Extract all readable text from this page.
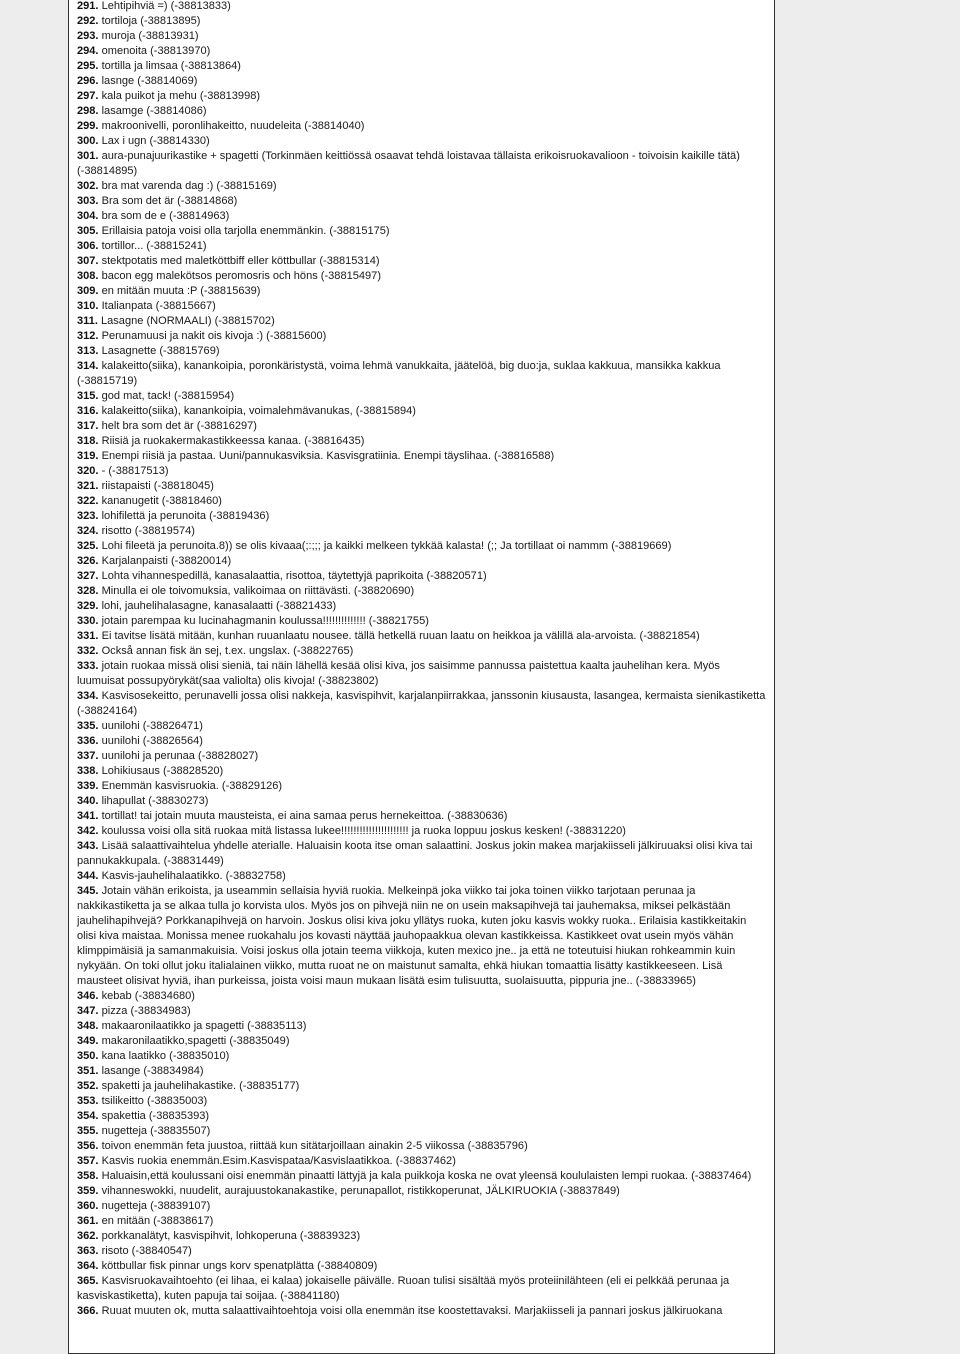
291. Lehtipihviä =) (-38813833)
292. tortiloja (-38813895)
293. muroja (-38813931)
294. omenoita (-38813970)
295. tortilla ja limsaa (-38813864)
296. lasnge (-38814069)
297. kala puikot ja mehu (-38813998)
298. lasamge (-38814086)
299. makroonivelli, poronlihakeitto, nuudeleita (-38814040)
300. Lax i ugn (-38814330)
301. aura-punajuurikastike + spagetti (Torkinmäen keittiössä osaavat tehdä loistavaa tällaista erikoisruokavalioon - toivoisin kaikille tätä) (-38814895)
302. bra mat varenda dag :) (-38815169)
303. Bra som det är (-38814868)
304. bra som de e (-38814963)
305. Erillaisia patoja voisi olla tarjolla enemmänkin. (-38815175)
306. tortillor... (-38815241)
307. stektpotatis med maletköttbiff eller köttbullar (-38815314)
308. bacon egg malekötsos peromosris och höns (-38815497)
309. en mitään muuta :P (-38815639)
310. Italianpata (-38815667)
311. Lasagne (NORMAALI) (-38815702)
312. Perunamuusi ja nakit ois kivoja :) (-38815600)
313. Lasagnette (-38815769)
314. kalakeitto(siika), kanankoipia, poronkäristystä, voima lehmä vanukkaita, jäätelöä, big duo:ja, suklaa kakkuua, mansikka kakkua (-38815719)
315. god mat, tack! (-38815954)
316. kalakeitto(siika), kanankoipia, voimalehmävanukas, (-38815894)
317. helt bra som det är (-38816297)
318. Riisiä ja ruokakermakastikkeessa kanaa. (-38816435)
319. Enempi riisiä ja pastaa. Uuni/pannukasviksia. Kasvisgratiinia. Enempi täyslihaa. (-38816588)
320. - (-38817513)
321. riistapaisti (-38818045)
322. kananugetit (-38818460)
323. lohifilettä ja perunoita (-38819436)
324. risotto (-38819574)
325. Lohi fileetä ja perunoita.8)) se olis kivaaa(;:;;; ja kaikki melkeen tykkää kalasta! (;; Ja tortillaat oi nammm (-38819669)
326. Karjalanpaisti (-38820014)
327. Lohta vihannespedillä, kanasalaattia, risottoa, täytettyjä paprikoita (-38820571)
328. Minulla ei ole toivomuksia, valikoimaa on riittävästi. (-38820690)
329. lohi, jauhelihalasagne, kanasalaatti (-38821433)
330. jotain parempaa ku lucinahagmanin koulussa!!!!!!!!!!!!!! (-38821755)
331. Ei tavitse lisätä mitään, kunhan ruuanlaatu nousee. tällä hetkellä ruuan laatu on heikkoa ja välillä ala-arvoista. (-38821854)
332. Också annan fisk än sej, t.ex. ungslax. (-38822765)
333. jotain ruokaa missä olisi sieniä, tai näin lähellä kesää olisi kiva, jos saisimme pannussa paistettua kaalta jauhelihan kera. Myös luumuisat possupyörykät(saa valiolta) olis kivoja! (-38823802)
334. Kasvisosekeitto, perunavelli jossa olisi nakkeja, kasvispihvit, karjalanpiirrakkaa, janssonin kiusausta, lasangea, kermaista sienikastiketta (-38824164)
335. uunilohi (-38826471)
336. uunilohi (-38826564)
337. uunilohi ja perunaa (-38828027)
338. Lohikiusaus (-38828520)
339. Enemmän kasvisruokia. (-38829126)
340. lihapullat (-38830273)
341. tortillat! tai jotain muuta mausteista, ei aina samaa perus hernekeittoa. (-38830636)
342. koulussa voisi olla sitä ruokaa mitä listassa lukee!!!!!!!!!!!!!!!!!!!!!! ja ruoka loppuu joskus kesken! (-38831220)
343. Lisää salaattivaihtelua yhdelle aterialle. Haluaisin koota itse oman salaattini. Joskus jokin makea marjakiisseli jälkiruuaksi olisi kiva tai pannukakkupala. (-38831449)
344. Kasvis-jauhelihalaatikko. (-38832758)
345. Jotain vähän erikoista, ja useammin sellaisia hyviä ruokia. Melkeinpä joka viikko tai joka toinen viikko tarjotaan perunaa ja nakkikastiketta ja se alkaa tulla jo korvista ulos. Myös jos on pihvejä niin ne on usein maksapihvejä tai jauhemaksa, miksei pelkästään jauhelihapihvejä? Porkkanapihvejä on harvoin. Joskus olisi kiva joku yllätys ruoka, kuten joku kasvis wokky ruoka.. Erilaisia kastikkeitakin olisi kiva maistaa. Monissa menee ruokahalu jos kovasti näyttää jauhopaakkua olevan kastikkeissa. Kastikkeet ovat usein myös vähän klimppimäisiä ja samanmakuisia. Voisi joskus olla jotain teema viikkoja, kuten mexico jne.. ja että ne toteutuisi hiukan rohkeammin kuin nykyään. On toki ollut joku italialainen viikko, mutta ruoat ne on maistunut samalta, ehkä hiukan tomaattia lisätty kastikkeeseen. Lisä mausteet olisivat hyviä, ihan purkeissa, joista voisi maun mukaan lisätä esim tulisuutta, suolaisuutta, pippuria jne.. (-38833965)
346. kebab (-38834680)
347. pizza (-38834983)
348. makaaronilaatikko ja spagetti (-38835113)
349. makaronilaatikko,spagetti (-38835049)
350. kana laatikko (-38835010)
351. lasange (-38834984)
352. spaketti ja jauhelihakastike. (-38835177)
353. tsilikeitto (-38835003)
354. spakettia (-38835393)
355. nugetteja (-38835507)
356. toivon enemmän feta juustoa, riittää kun sitätarjoillaan ainakin 2-5 viikossa (-38835796)
357. Kasvis ruokia enemmän.Esim.Kasvispataa/Kasvislaatikkoa. (-38837462)
358. Haluaisin,että koulussani oisi enemmän pinaatti lättyjä ja kala puikkoja koska ne ovat yleensä koululaisten lempi ruokaa. (-38837464)
359. vihanneswokki, nuudelit, aurajuustokanakastike, perunapallot, ristikkoperunat, JÄLKIRUOKIA (-38837849)
360. nugetteja (-38839107)
361. en mitään (-38838617)
362. porkkanalätyt, kasvispihvit, lohkoperuna (-38839323)
363. risoto (-38840547)
364. köttbullar fisk pinnar ungs korv spenatplätta (-38840809)
365. Kasvisruokavaihtoehto (ei lihaa, ei kalaa) jokaiselle päivälle. Ruoan tulisi sisältää myös proteiinilähteen (eli ei pelkkää perunaa ja kasviskastiketta), kuten papuja tai soijaa. (-38841180)
366. Ruuat muuten ok, mutta salaattivaihtoehtoja voisi olla enemmän itse koostettavaksi. Marjakiisseli ja pannari joskus jälkiruokana
